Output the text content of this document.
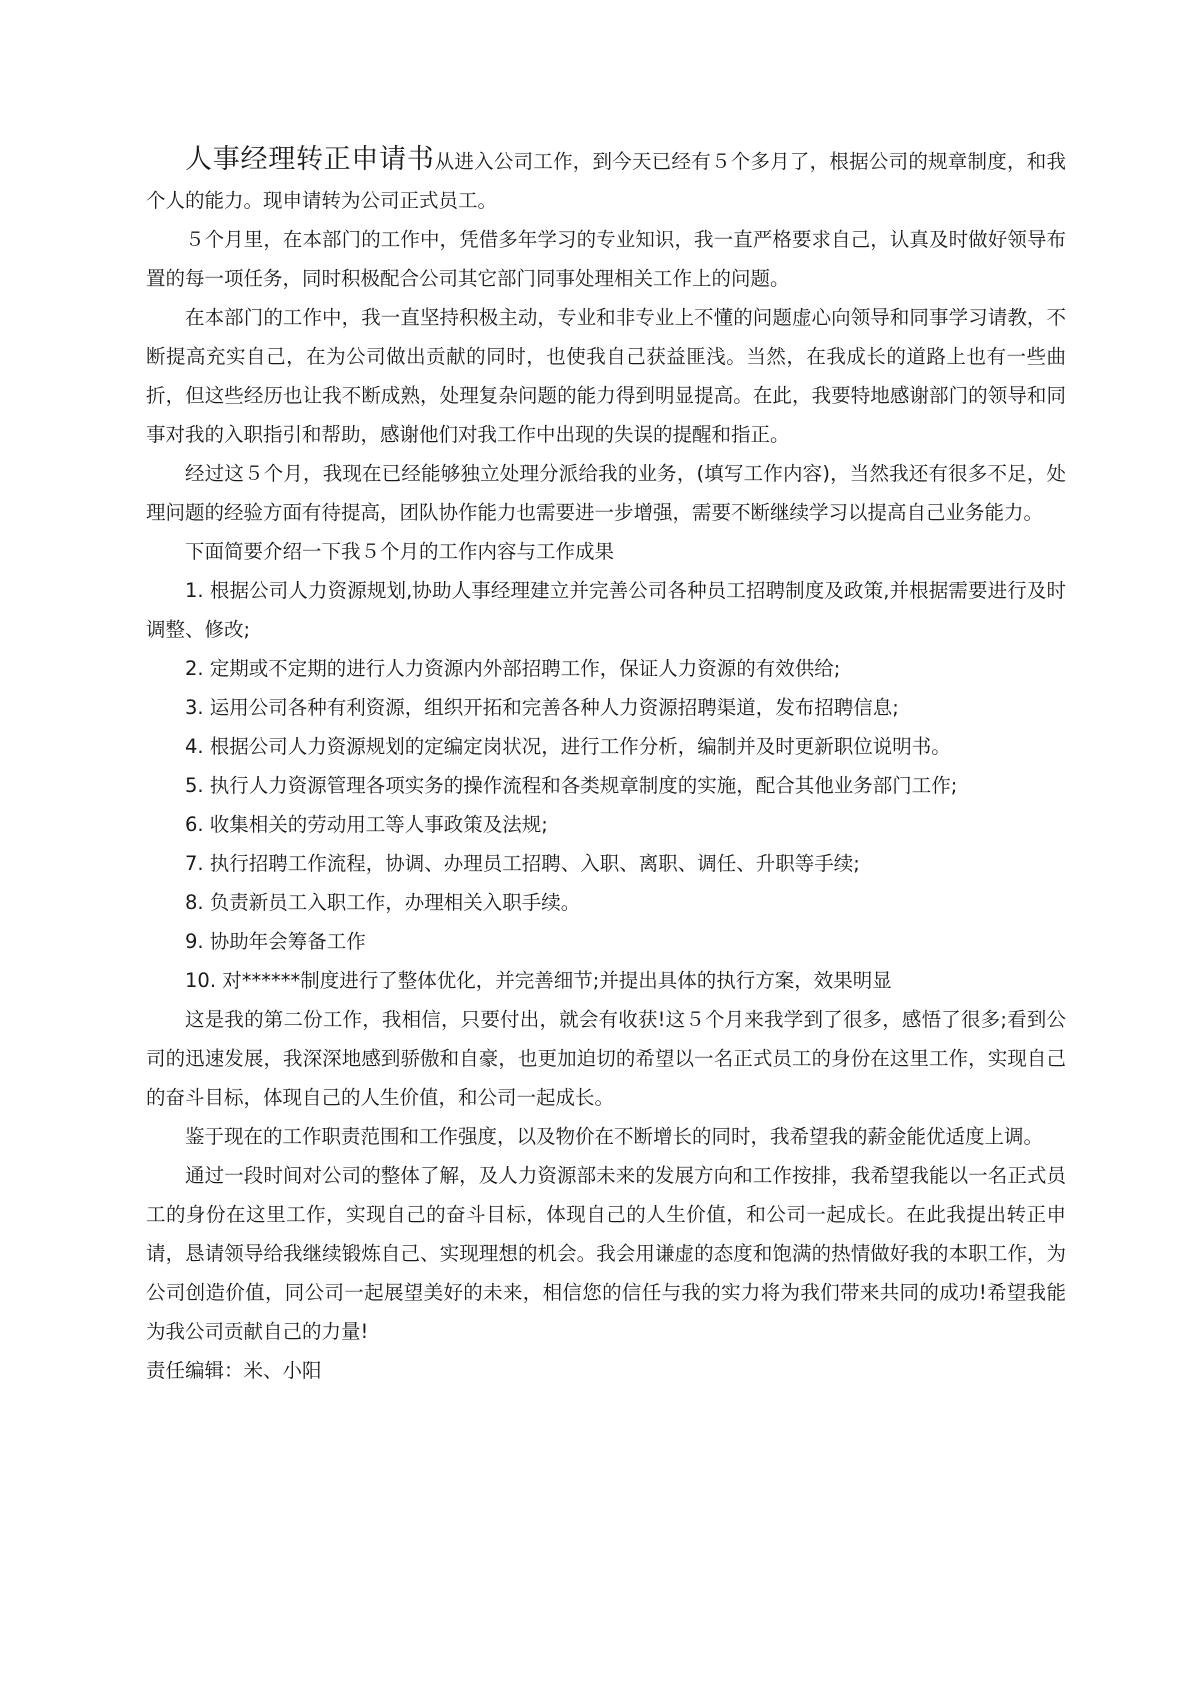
人事经理转正申请书从进入公司工作，到今天已经有５个多月了，根据公司的规章制度，和我个人的能力。现申请转为公司正式员工。

５个月里，在本部门的工作中，凭借多年学习的专业知识，我一直严格要求自己，认真及时做好领导布置的每一项任务，同时积极配合公司其它部门同事处理相关工作上的问题。

在本部门的工作中，我一直坚持积极主动，专业和非专业上不懂的问题虚心向领导和同事学习请教，不断提高充实自己，在为公司做出贡献的同时，也使我自己获益匪浅。当然，在我成长的道路上也有一些曲折，但这些经历也让我不断成熟，处理复杂问题的能力得到明显提高。在此，我要特地感谢部门的领导和同事对我的入职指引和帮助，感谢他们对我工作中出现的失误的提醒和指正。

经过这５个月，我现在已经能够独立处理分派给我的业务，(填写工作内容)，当然我还有很多不足，处理问题的经验方面有待提高，团队协作能力也需要进一步增强，需要不断继续学习以提高自己业务能力。

下面简要介绍一下我５个月的工作内容与工作成果

1. 根据公司人力资源规划,协助人事经理建立并完善公司各种员工招聘制度及政策,并根据需要进行及时调整、修改;

2. 定期或不定期的进行人力资源内外部招聘工作，保证人力资源的有效供给;

3. 运用公司各种有利资源，组织开拓和完善各种人力资源招聘渠道，发布招聘信息;

4. 根据公司人力资源规划的定编定岗状况，进行工作分析，编制并及时更新职位说明书。

5. 执行人力资源管理各项实务的操作流程和各类规章制度的实施，配合其他业务部门工作;

6. 收集相关的劳动用工等人事政策及法规;

7. 执行招聘工作流程，协调、办理员工招聘、入职、离职、调任、升职等手续;

8. 负责新员工入职工作，办理相关入职手续。

9. 协助年会筹备工作

10. 对******制度进行了整体优化，并完善细节;并提出具体的执行方案，效果明显

这是我的第二份工作，我相信，只要付出，就会有收获!这５个月来我学到了很多，感悟了很多;看到公司的迅速发展，我深深地感到骄傲和自豪，也更加迫切的希望以一名正式员工的身份在这里工作，实现自己的奋斗目标，体现自己的人生价值，和公司一起成长。

鉴于现在的工作职责范围和工作强度，以及物价在不断增长的同时，我希望我的薪金能优适度上调。

通过一段时间对公司的整体了解，及人力资源部未来的发展方向和工作按排，我希望我能以一名正式员工的身份在这里工作，实现自己的奋斗目标，体现自己的人生价值，和公司一起成长。在此我提出转正申请，恳请领导给我继续锻炼自己、实现理想的机会。我会用谦虚的态度和饱满的热情做好我的本职工作，为公司创造价值，同公司一起展望美好的未来，相信您的信任与我的实力将为我们带来共同的成功!希望我能为我公司贡献自己的力量!

责任编辑：米、小阳
